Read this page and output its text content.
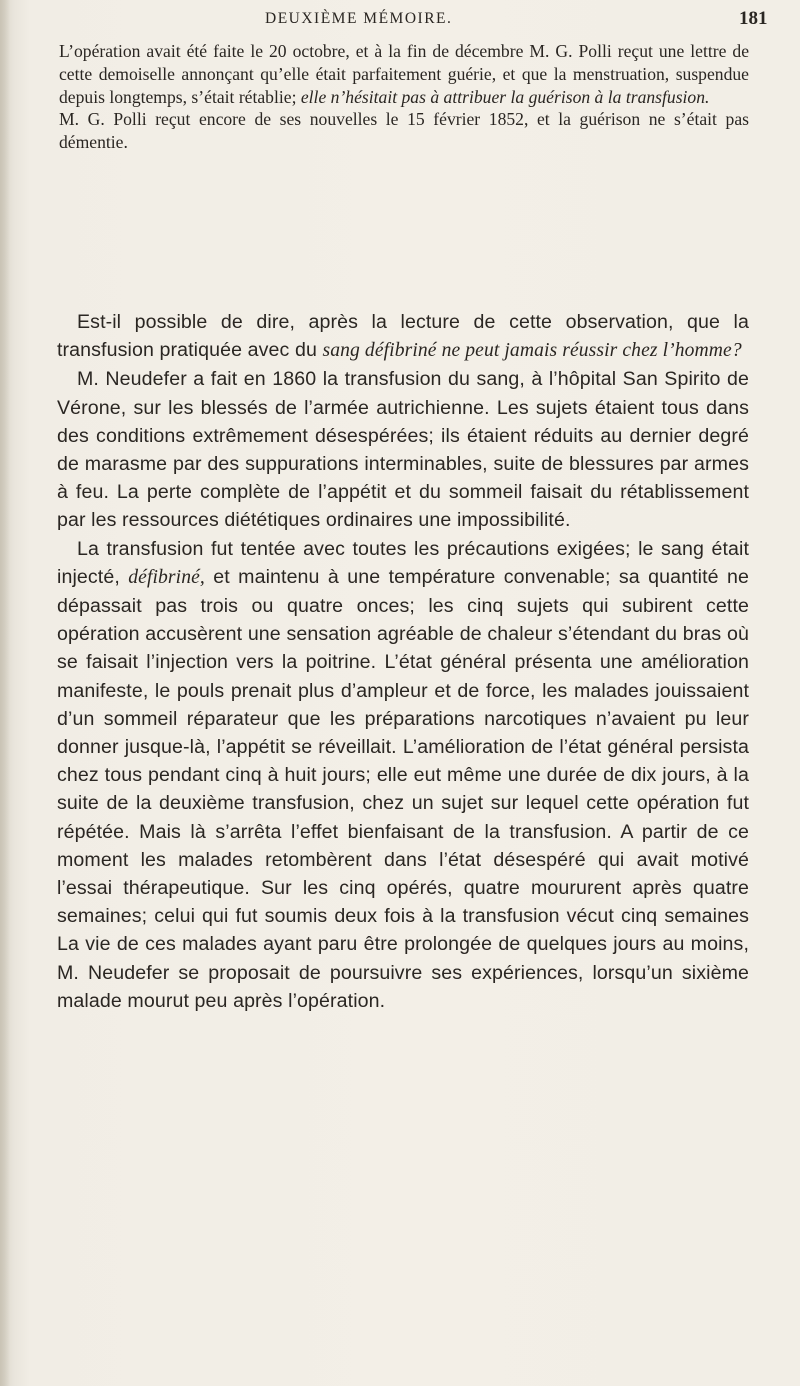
DEUXIÈME MÉMOIRE.	181

L’opération avait été faite le 20 octobre, et à la fin de décembre M. G. Polli reçut une lettre de cette demoiselle annonçant qu’elle était parfaitement guérie, et que la menstruation, suspendue depuis longtemps, s’était rétablie; elle n’hésitait pas à attribuer la guérison à la transfusion.

M. G. Polli reçut encore de ses nouvelles le 15 février 1852, et la guérison ne s’était pas démentie.

Est-il possible de dire, après la lecture de cette observation, que la transfusion pratiquée avec du sang défibriné ne peut jamais réussir chez l’homme?

M. Neudefer a fait en 1860 la transfusion du sang, à l’hôpital San Spirito de Vérone, sur les blessés de l’armée autrichienne. Les sujets étaient tous dans des conditions extrêmement désespérées; ils étaient réduits au dernier degré de marasme par des suppurations interminables, suite de blessures par armes à feu. La perte complète de l’appétit et du sommeil faisait du rétablissement par les ressources diététiques ordinaires une impossibilité.

La transfusion fut tentée avec toutes les précautions exigées; le sang était injecté, défibriné, et maintenu à une température convenable; sa quantité ne dépassait pas trois ou quatre onces; les cinq sujets qui subirent cette opération accusèrent une sensation agréable de chaleur s’étendant du bras où se faisait l’injection vers la poitrine. L’état général présenta une amélioration manifeste, le pouls prenait plus d’ampleur et de force, les malades jouissaient d’un sommeil réparateur que les préparations narcotiques n’avaient pu leur donner jusque-là, l’appétit se réveillait. L’amélioration de l’état général persista chez tous pendant cinq à huit jours; elle eut même une durée de dix jours, à la suite de la deuxième transfusion, chez un sujet sur lequel cette opération fut répétée. Mais là s’arrêta l’effet bienfaisant de la transfusion. A partir de ce moment les malades retombèrent dans l’état désespéré qui avait motivé l’essai thérapeutique. Sur les cinq opérés, quatre moururent après quatre semaines; celui qui fut soumis deux fois à la transfusion vécut cinq semaines La vie de ces malades ayant paru être prolongée de quelques jours au moins, M. Neudefer se proposait de poursuivre ses expériences, lorsqu’un sixième malade mourut peu après l’opération.
